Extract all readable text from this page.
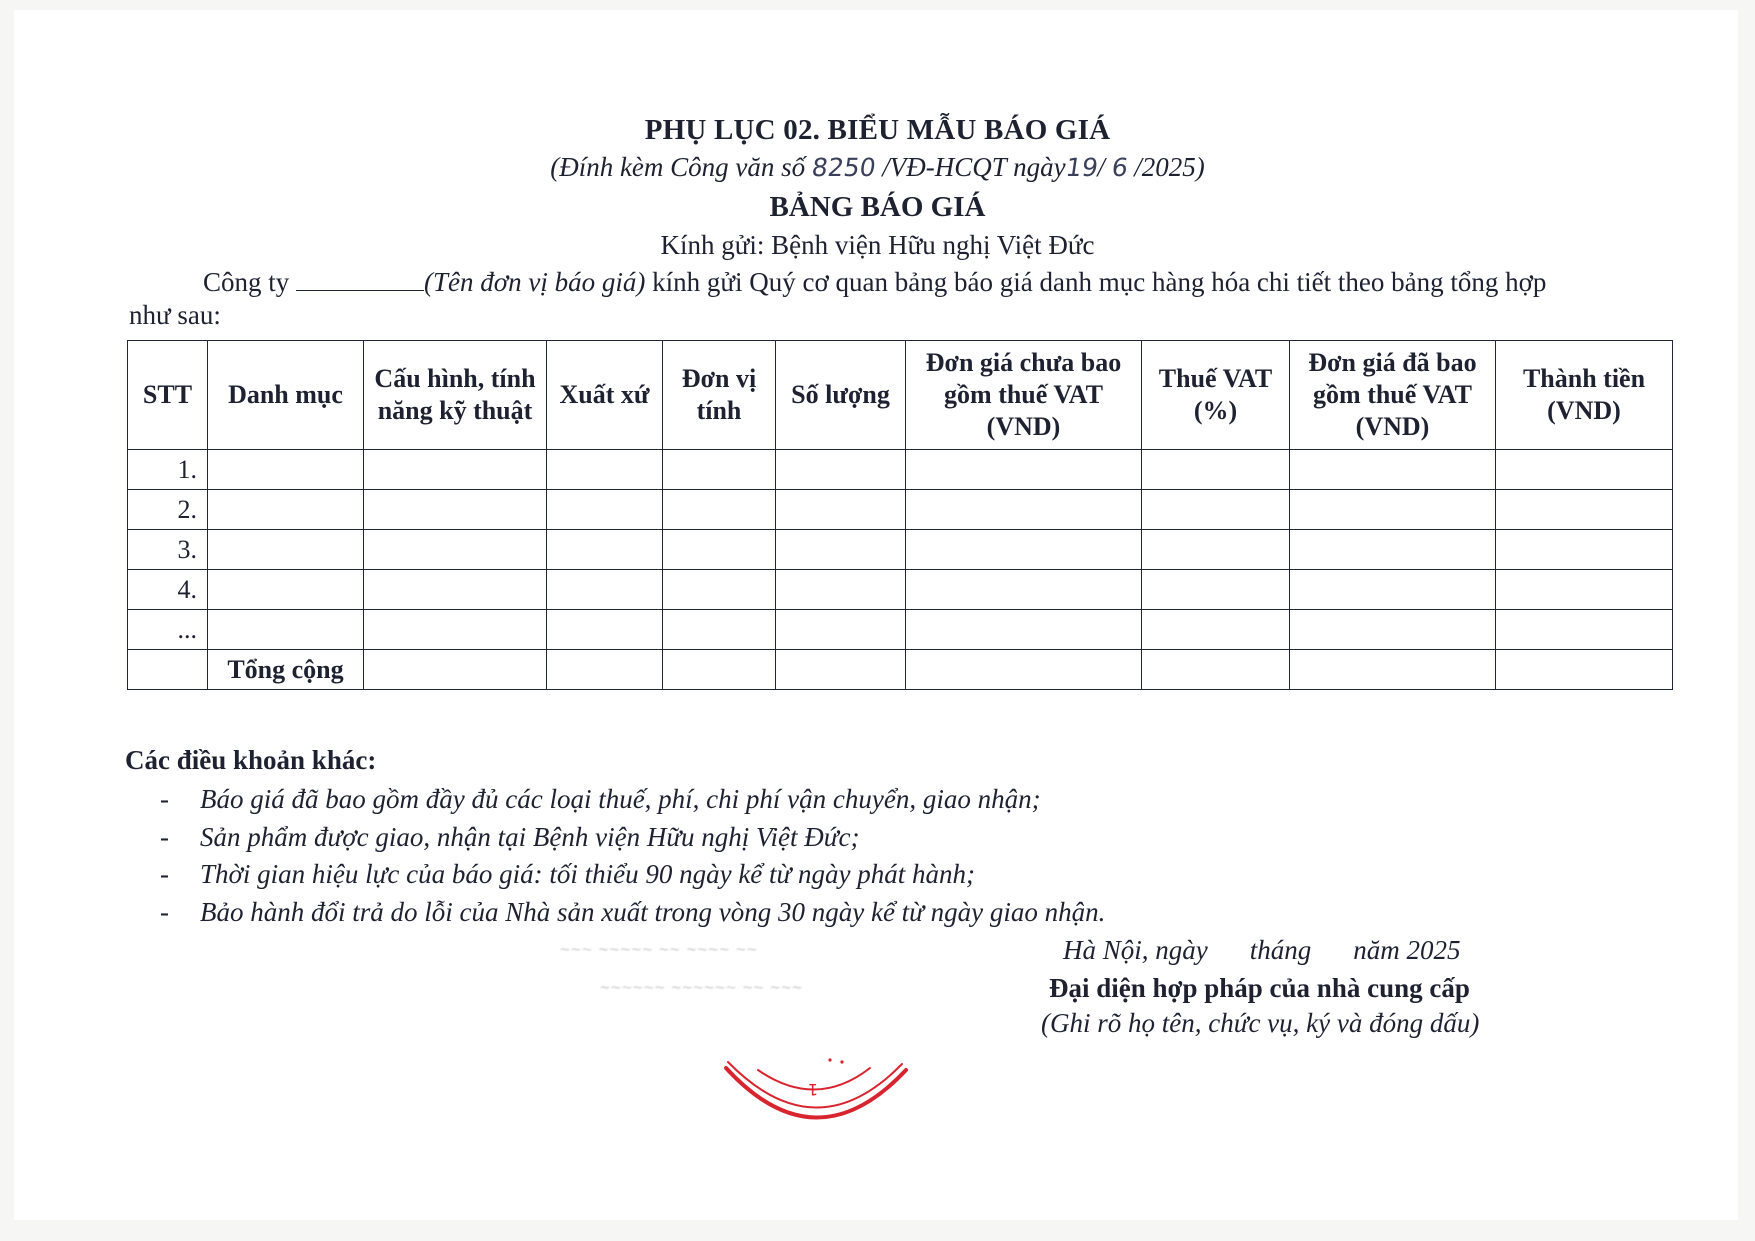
PHỤ LỤC 02. BIỂU MẪU BÁO GIÁ
(Đính kèm Công văn số 8250 /VĐ-HCQT ngày19/ 6 /2025)
BẢNG BÁO GIÁ
Kính gửi: Bệnh viện Hữu nghị Việt Đức
Công ty	(Tên đơn vị báo giá) kính gửi Quý cơ quan bảng báo giá danh mục hàng hóa chi tiết theo bảng tổng hợp
như sau:
STT	Danh mục	Cấu hình, tính năng kỹ thuật	Xuất xứ	Đơn vị tính	Số lượng	Đơn giá chưa bao gồm thuế VAT (VND)	Thuế VAT (%)	Đơn giá đã bao gồm thuế VAT (VND)	Thành tiền (VND)
1.									
2.									
3.									
4.									
...									
	Tổng cộng								
Các điều khoản khác:
- Báo giá đã bao gồm đầy đủ các loại thuế, phí, chi phí vận chuyển, giao nhận;
- Sản phẩm được giao, nhận tại Bệnh viện Hữu nghị Việt Đức;
- Thời gian hiệu lực của báo giá: tối thiểu 90 ngày kể từ ngày phát hành;
- Bảo hành đổi trả do lỗi của Nhà sản xuất trong vòng 30 ngày kể từ ngày giao nhận.
~~~ ~~~~~ ~~ ~~~~ ~~
~~~~~~ ~~~~~~ ~~ ~~~
Hà Nội, ngày tháng năm 2025
Đại diện hợp pháp của nhà cung cấp
(Ghi rõ họ tên, chức vụ, ký và đóng dấu)
1
